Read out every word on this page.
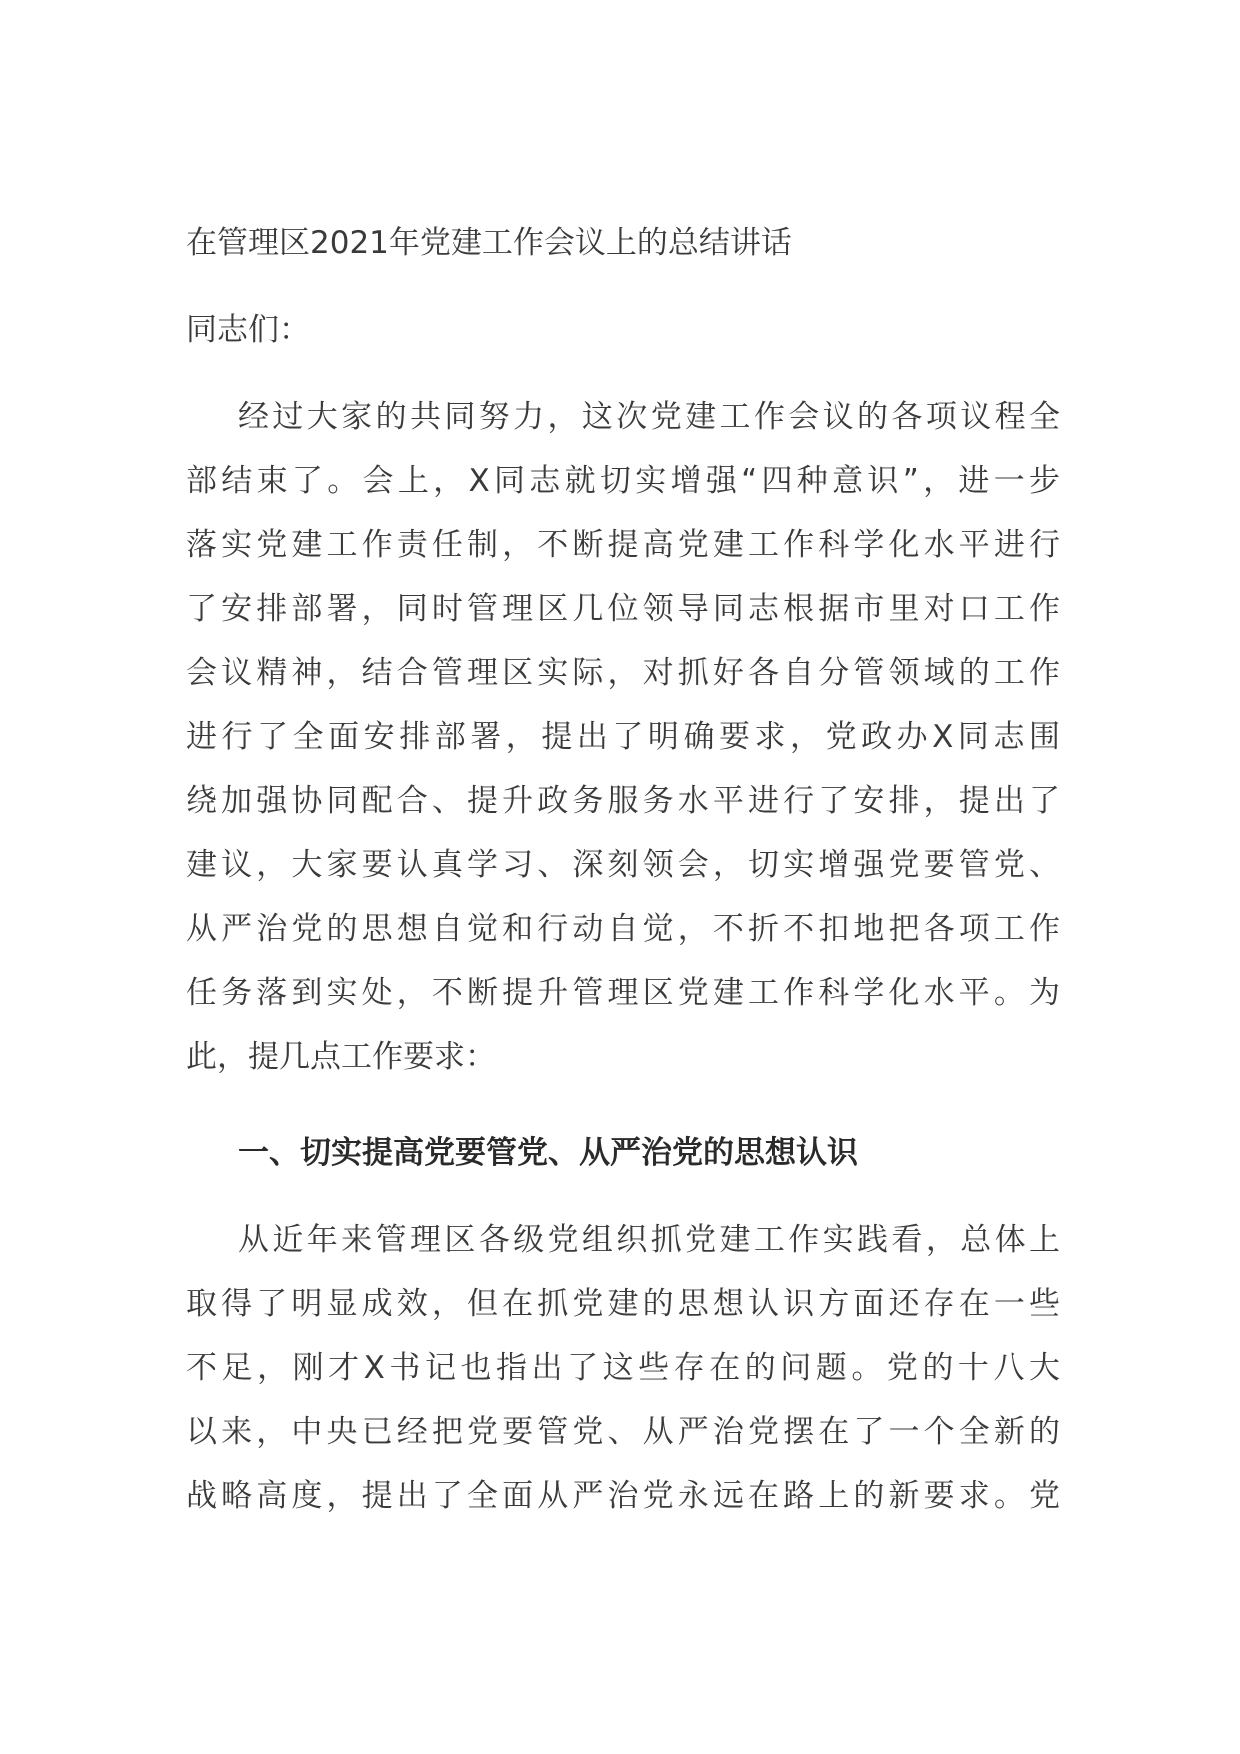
在管理区2021年党建工作会议上的总结讲话
同志们：
经过大家的共同努力，这次党建工作会议的各项议程全
部结束了。会上，X同志就切实增强“四种意识”，进一步
落实党建工作责任制，不断提高党建工作科学化水平进行
了安排部署，同时管理区几位领导同志根据市里对口工作
会议精神，结合管理区实际，对抓好各自分管领域的工作
进行了全面安排部署，提出了明确要求，党政办X同志围
绕加强协同配合、提升政务服务水平进行了安排，提出了
建议，大家要认真学习、深刻领会，切实增强党要管党、
从严治党的思想自觉和行动自觉，不折不扣地把各项工作
任务落到实处，不断提升管理区党建工作科学化水平。为
此，提几点工作要求：
一、切实提高党要管党、从严治党的思想认识
从近年来管理区各级党组织抓党建工作实践看，总体上
取得了明显成效，但在抓党建的思想认识方面还存在一些
不足，刚才X书记也指出了这些存在的问题。党的十八大
以来，中央已经把党要管党、从严治党摆在了一个全新的
战略高度，提出了全面从严治党永远在路上的新要求。党
